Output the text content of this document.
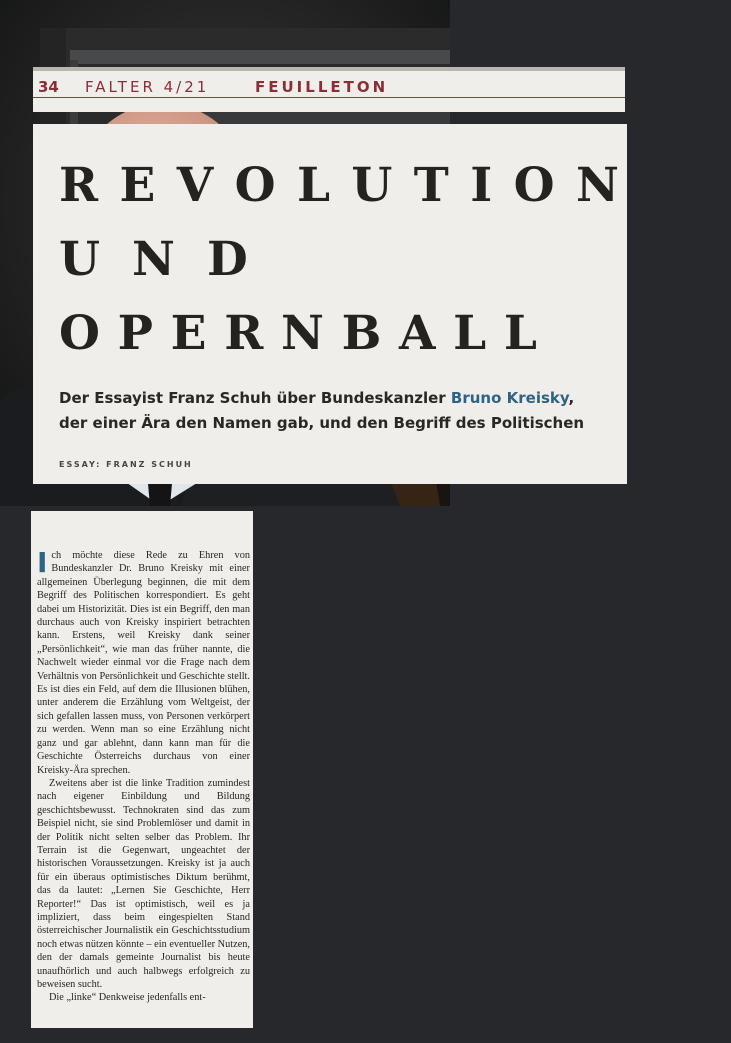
34 FALTER 4/21	FEUILLETON
R E V O L U T I O N
U N D
O P E R N B A L L
Der Essayist Franz Schuh über Bundeskanzler Bruno Kreisky,
der einer Ära den Namen gab, und den Begriff des Politischen
ESSAY: FRANZ SCHUH

Ich möchte diese Rede zu Ehren von Bundeskanzler Dr. Bruno Kreisky mit einer allgemeinen Überlegung beginnen, die mit dem Begriff des Politischen korrespondiert. Es geht dabei um Historizität. Dies ist ein Begriff, den man durchaus auch von Kreisky inspiriert betrachten kann. Erstens, weil Kreisky dank seiner „Persönlichkeit“, wie man das früher nannte, die Nachwelt wieder einmal vor die Frage nach dem Verhältnis von Persönlichkeit und Geschichte stellt. Es ist dies ein Feld, auf dem die Illusionen blühen, unter anderem die Erzählung vom Weltgeist, der sich gefallen lassen muss, von Personen verkörpert zu werden. Wenn man so eine Erzählung nicht ganz und gar ablehnt, dann kann man für die Geschichte Österreichs durchaus von einer Kreisky-Ära sprechen.

Zweitens aber ist die linke Tradition zumindest nach eigener Einbildung und Bildung geschichtsbewusst. Technokraten sind das zum Beispiel nicht, sie sind Problemlöser und damit in der Politik nicht selten selber das Problem. Ihr Terrain ist die Gegenwart, ungeachtet der historischen Voraussetzungen. Kreisky ist ja auch für ein überaus optimistisches Diktum berühmt, das da lautet: „Lernen Sie Geschichte, Herr Reporter!“ Das ist optimistisch, weil es ja impliziert, dass beim eingespielten Stand österreichischer Journalistik ein Geschichtsstudium noch etwas nützen könnte – ein eventueller Nutzen, den der damals gemeinte Journalist bis heute unaufhörlich und auch halbwegs erfolgreich zu beweisen sucht.

Die „linke“ Denkweise jedenfalls ent-
